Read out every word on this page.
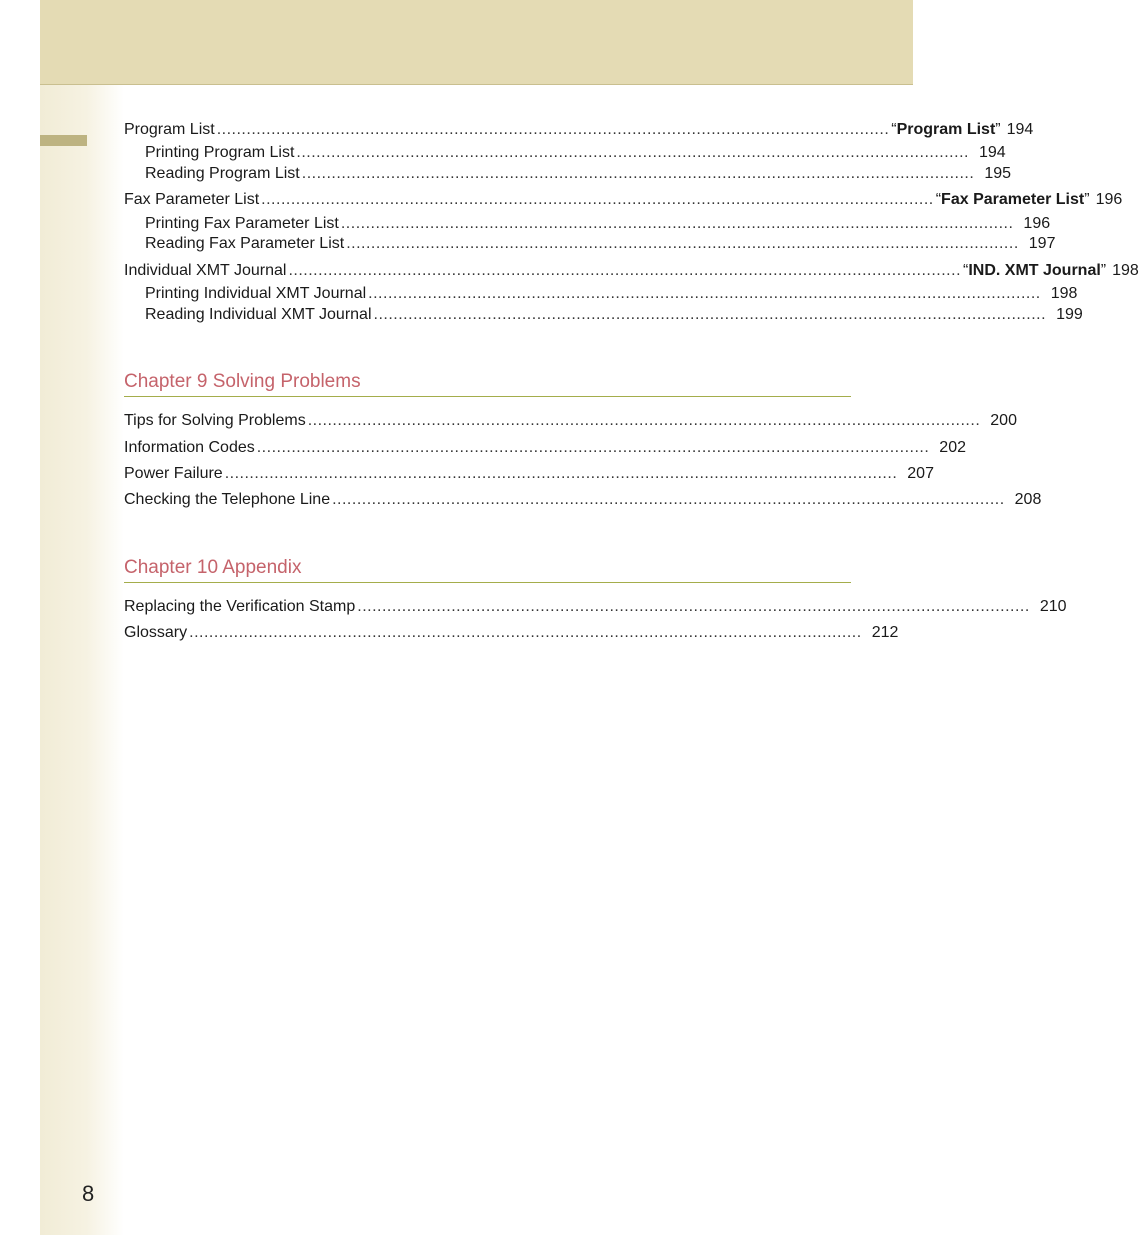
Program List ........................................................................................................................................ “Program List” 194
Printing Program List ........................................................................................................................................ 194
Reading Program List ........................................................................................................................................ 195
Fax Parameter List ........................................................................................................................................ “Fax Parameter List” 196
Printing Fax Parameter List ........................................................................................................................................ 196
Reading Fax Parameter List ........................................................................................................................................ 197
Individual XMT Journal ........................................................................................................................................ “IND. XMT Journal” 198
Printing Individual XMT Journal ........................................................................................................................................ 198
Reading Individual XMT Journal ........................................................................................................................................ 199
Chapter 9 Solving Problems
Tips for Solving Problems ........................................................................................................................................ 200
Information Codes ........................................................................................................................................ 202
Power Failure ........................................................................................................................................ 207
Checking the Telephone Line ........................................................................................................................................ 208
Chapter 10 Appendix
Replacing the Verification Stamp ........................................................................................................................................ 210
Glossary ........................................................................................................................................ 212
8
